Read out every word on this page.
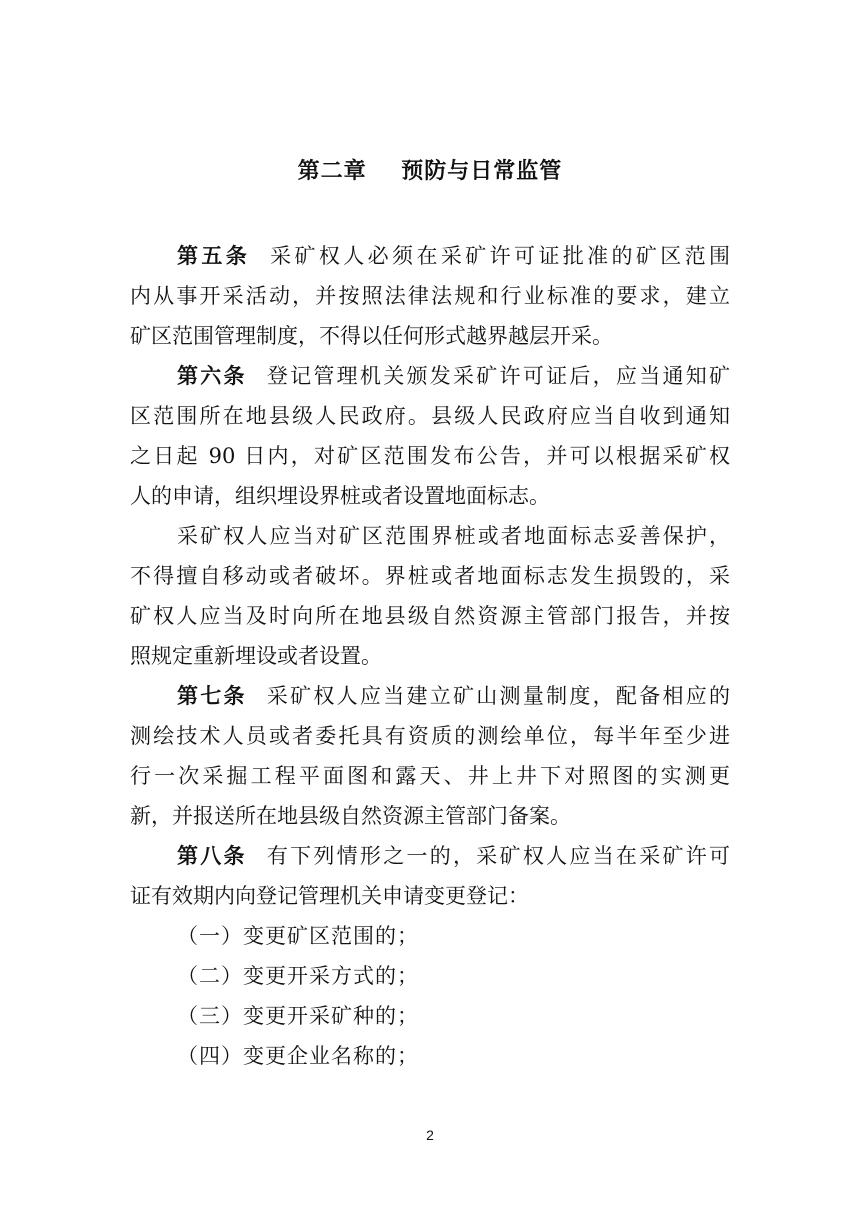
第二章    预防与日常监管
第五条 采矿权人必须在采矿许可证批准的矿区范围
内从事开采活动，并按照法律法规和行业标准的要求，建立
矿区范围管理制度，不得以任何形式越界越层开采。
第六条 登记管理机关颁发采矿许可证后，应当通知矿
区范围所在地县级人民政府。县级人民政府应当自收到通知
之日起 90 日内，对矿区范围发布公告，并可以根据采矿权
人的申请，组织埋设界桩或者设置地面标志。
采矿权人应当对矿区范围界桩或者地面标志妥善保护，
不得擅自移动或者破坏。界桩或者地面标志发生损毁的，采
矿权人应当及时向所在地县级自然资源主管部门报告，并按
照规定重新埋设或者设置。
第七条 采矿权人应当建立矿山测量制度，配备相应的
测绘技术人员或者委托具有资质的测绘单位，每半年至少进
行一次采掘工程平面图和露天、井上井下对照图的实测更
新，并报送所在地县级自然资源主管部门备案。
第八条 有下列情形之一的，采矿权人应当在采矿许可
证有效期内向登记管理机关申请变更登记：
（一）变更矿区范围的；
（二）变更开采方式的；
（三）变更开采矿种的；
（四）变更企业名称的；
2
